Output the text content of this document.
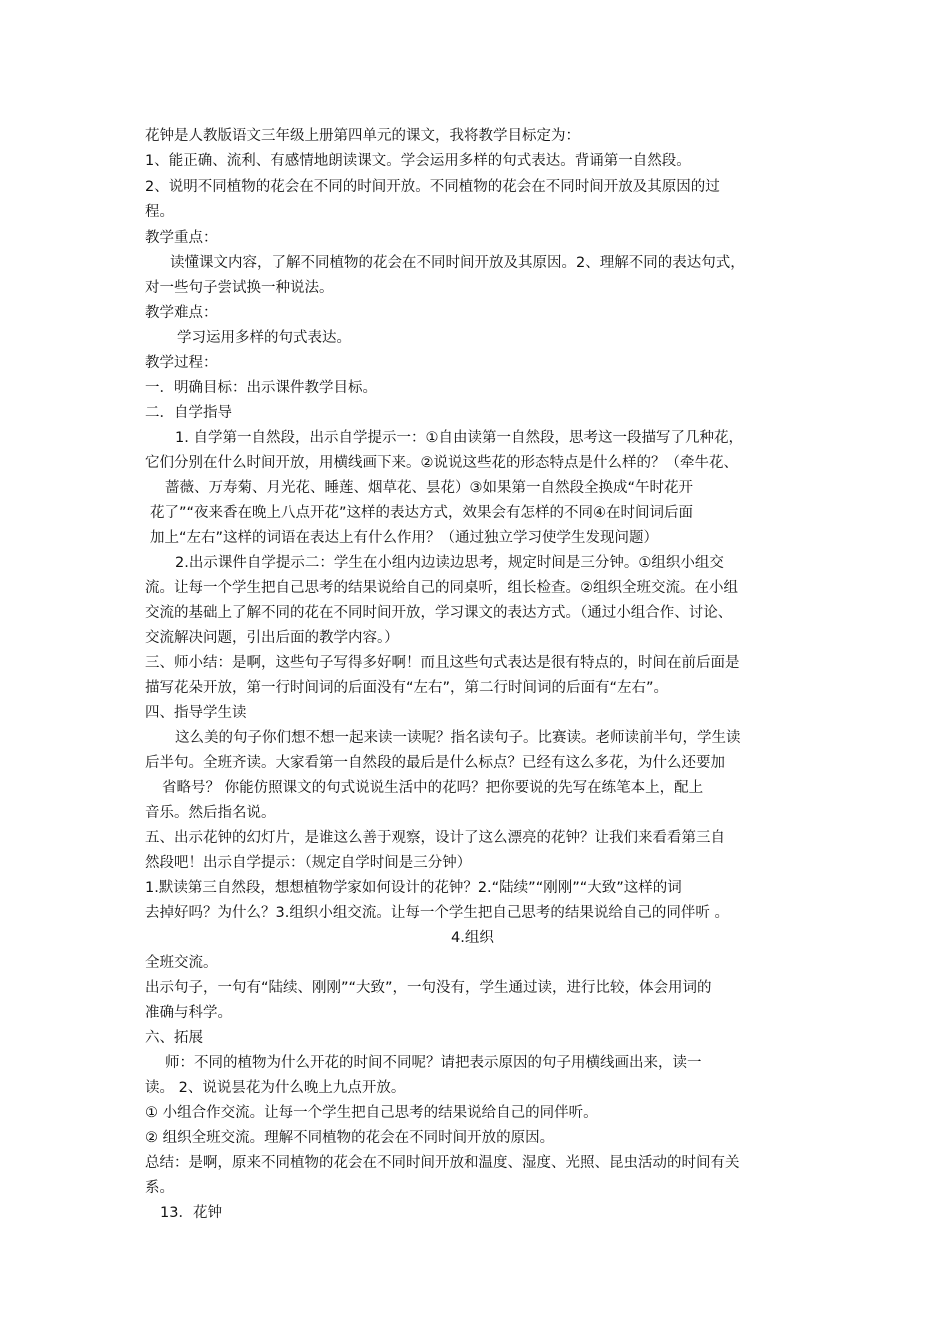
花钟是人教版语文三年级上册第四单元的课文，我将教学目标定为：
1、能正确、流利、有感情地朗读课文。学会运用多样的句式表达。背诵第一自然段。
2、说明不同植物的花会在不同的时间开放。不同植物的花会在不同时间开放及其原因的过
程。
教学重点：
读懂课文内容，了解不同植物的花会在不同时间开放及其原因。2、理解不同的表达句式，
对一些句子尝试换一种说法。
教学难点：
学习运用多样的句式表达。
教学过程：
一．明确目标：出示课件教学目标。
二．自学指导
1. 自学第一自然段，出示自学提示一：①自由读第一自然段，思考这一段描写了几种花，
它们分别在什么时间开放，用横线画下来。②说说这些花的形态特点是什么样的？（牵牛花、
蔷薇、万寿菊、月光花、睡莲、烟草花、昙花）③如果第一自然段全换成“午时花开
花了”“夜来香在晚上八点开花”这样的表达方式，效果会有怎样的不同④在时间词后面
加上“左右”这样的词语在表达上有什么作用？（通过独立学习使学生发现问题）
2.出示课件自学提示二：学生在小组内边读边思考，规定时间是三分钟。①组织小组交
流。让每一个学生把自己思考的结果说给自己的同桌听，组长检查。②组织全班交流。在小组
交流的基础上了解不同的花在不同时间开放，学习课文的表达方式。（通过小组合作、讨论、
交流解决问题，引出后面的教学内容。）
三、师小结：是啊，这些句子写得多好啊！而且这些句式表达是很有特点的，时间在前后面是
描写花朵开放，第一行时间词的后面没有“左右”，第二行时间词的后面有“左右”。
四、指导学生读
这么美的句子你们想不想一起来读一读呢？指名读句子。比赛读。老师读前半句，学生读
后半句。全班齐读。大家看第一自然段的最后是什么标点？已经有这么多花，为什么还要加
省略号？ 你能仿照课文的句式说说生活中的花吗？把你要说的先写在练笔本上，配上
音乐。然后指名说。
五、出示花钟的幻灯片，是谁这么善于观察，设计了这么漂亮的花钟？让我们来看看第三自
然段吧！出示自学提示：（规定自学时间是三分钟）
1.默读第三自然段，想想植物学家如何设计的花钟？2.“陆续”“刚刚”“大致”这样的词
去掉好吗？为什么？3.组织小组交流。让每一个学生把自己思考的结果说给自己的同伴听 。
4.组织
全班交流。
出示句子，一句有“陆续、刚刚”“大致”，一句没有，学生通过读，进行比较，体会用词的
准确与科学。
六、拓展
师：不同的植物为什么开花的时间不同呢？请把表示原因的句子用横线画出来，读一
读。 2、说说昙花为什么晚上九点开放。
① 小组合作交流。让每一个学生把自己思考的结果说给自己的同伴听。
② 组织全班交流。理解不同植物的花会在不同时间开放的原因。
总结：是啊，原来不同植物的花会在不同时间开放和温度、湿度、光照、昆虫活动的时间有关
系。
13．花钟
